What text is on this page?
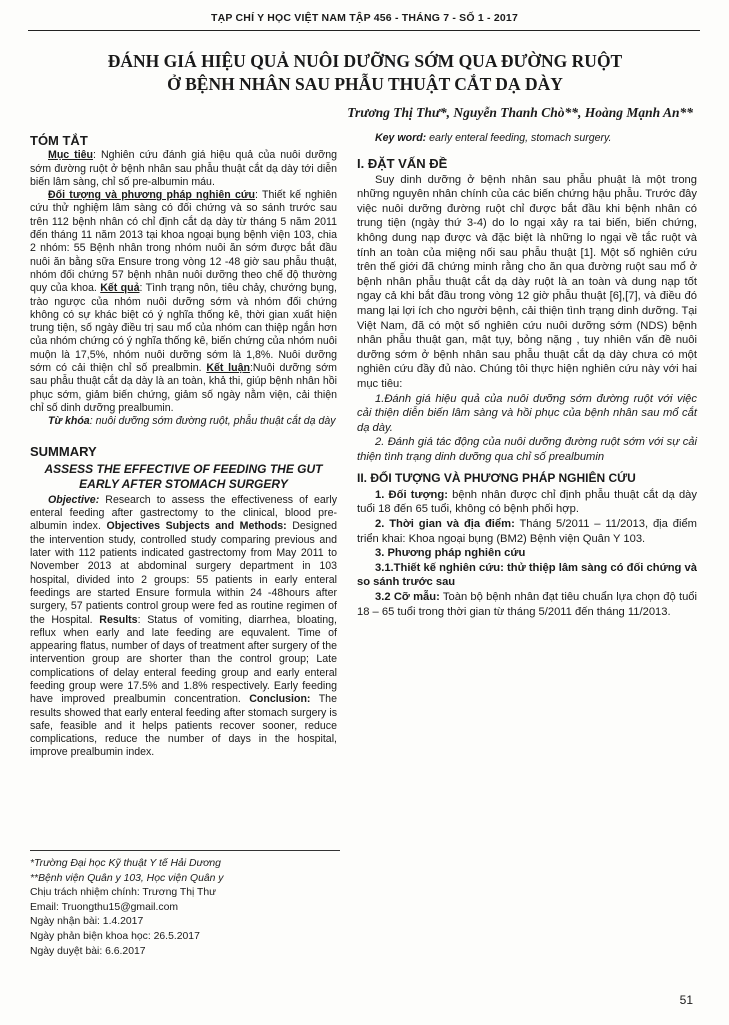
TẠP CHÍ Y HỌC VIỆT NAM TẬP 456 - THÁNG 7 - SỐ 1 - 2017
ĐÁNH GIÁ HIỆU QUẢ NUÔI DƯỠNG SỚM QUA ĐƯỜNG RUỘT
Ở BỆNH NHÂN SAU PHẪU THUẬT CẮT DẠ DÀY
Trương Thị Thư*, Nguyễn Thanh Chò**, Hoàng Mạnh An**
TÓM TẮT

Mục tiêu: Nghiên cứu đánh giá hiệu quả của nuôi dưỡng sớm đường ruột ở bệnh nhân sau phẫu thuật cắt dạ dày tới diễn biến lâm sàng, chỉ số pre-albumin máu.

Đối tượng và phương pháp nghiên cứu: Thiết kế nghiên cứu thử nghiệm lâm sàng có đối chứng và so sánh trước sau trên 112 bệnh nhân có chỉ định cắt dạ dày từ tháng 5 năm 2011 đến tháng 11 năm 2013 tại khoa ngoại bụng bệnh viện 103, chia 2 nhóm: 55 Bệnh nhân trong nhóm nuôi ăn sớm được bắt đầu nuôi ăn bằng sữa Ensure trong vòng 12 -48 giờ sau phẫu thuật, nhóm đối chứng 57 bệnh nhân nuôi dưỡng theo chế độ thường quy của khoa. Kết quả: Tình trạng nôn, tiêu chảy, chướng bụng, trào ngược của nhóm nuôi dưỡng sớm và nhóm đối chứng không có sự khác biệt có ý nghĩa thống kê, thời gian xuất hiện trung tiện, số ngày điều trị sau mổ của nhóm can thiệp ngắn hơn của nhóm chứng có ý nghĩa thống kê, biến chứng của nhóm nuôi muộn là 17,5%, nhóm nuôi dưỡng sớm là 1,8%. Nuôi dưỡng sớm có cải thiện chỉ số prealbmin. Kết luận:Nuôi dưỡng sớm sau phẫu thuật cắt dạ dày là an toàn, khả thi, giúp bệnh nhân hồi phục sớm, giảm biến chứng, giảm số ngày nằm viện, cải thiện chỉ số dinh dưỡng prealbumin.

Từ khóa: nuôi dưỡng sớm đường ruột, phẫu thuật cắt dạ dày

SUMMARY
ASSESS THE EFFECTIVE OF FEEDING THE GUT EARLY AFTER STOMACH SURGERY

Objective: Research to assess the effectiveness of early enteral feeding after gastrectomy to the clinical, blood pre-albumin index. Objectives Subjects and Methods: Designed the intervention study, controlled study comparing previous and later with 112 patients indicated gastrectomy from May 2011 to November 2013 at abdominal surgery department in 103 hospital, divided into 2 groups: 55 patients in early enteral feedings are started Ensure formula within 24 -48hours after surgery, 57 patients control group were fed as routine regimen of the Hospital. Results: Status of vomiting, diarrhea, bloating, reflux when early and late feeding are equvalent. Time of appearing flatus, number of days of treatment after surgery of the intervention group are shorter than the control group; Late complications of delay enteral feeding group and early enteral feeding group were 17.5% and 1.8% respectively. Early feeding have improved prealbumin concentration. Conclusion: The results showed that early enteral feeding after stomach surgery is safe, feasible and it helps patients recover sooner, reduce complications, reduce the number of days in the hospital, improve prealbumin index.

Key word: early enteral feeding, stomach surgery.

I. ĐẶT VẤN ĐỀ

Suy dinh dưỡng ở bệnh nhân sau phẫu phuật là một trong những nguyên nhân chính của các biến chứng hậu phẫu. Trước đây việc nuôi dưỡng đường ruột chỉ được bắt đầu khi bệnh nhân có trung tiện (ngày thứ 3-4) do lo ngại xảy ra tai biến, biến chứng, không dung nạp được và đặc biệt là những lo ngại về tắc ruột và tính an toàn của miệng nối sau phẫu thuật [1]. Một số nghiên cứu trên thế giới đã chứng minh rằng cho ăn qua đường ruột sau mổ ở bệnh nhân phẫu thuật cắt dạ dày ruột là an toàn và dung nạp tốt ngay cả khi bắt đầu trong vòng 12 giờ phẫu thuật [6],[7], và điều đó mang lại lợi ích cho người bệnh, cải thiện tình trạng dinh dưỡng. Tại Việt Nam, đã có một số nghiên cứu nuôi dưỡng sớm (NDS) bệnh nhân phẫu thuật gan, mật tụy, bỏng nặng , tuy nhiên vấn đề nuôi dưỡng sớm ở bệnh nhân sau phẫu thuật cắt dạ dày chưa có một nghiên cứu đầy đủ nào. Chúng tôi thực hiện nghiên cứu này với hai mục tiêu:

1.Đánh giá hiệu quả của nuôi dưỡng sớm đường ruột với việc cải thiện diễn biến lâm sàng và hồi phục của bệnh nhân sau mổ cắt dạ dày.

2. Đánh giá tác động của nuôi dưỡng đường ruột sớm với sự cải thiện tình trạng dinh dưỡng qua chỉ số prealbumin

II. ĐỐI TƯỢNG VÀ PHƯƠNG PHÁP NGHIÊN CỨU

1. Đối tượng: bệnh nhân được chỉ định phẫu thuật cắt dạ dày tuổi 18 đến 65 tuổi, không có bệnh phối hợp.

2. Thời gian và địa điểm: Tháng 5/2011 – 11/2013, địa điểm triển khai: Khoa ngoại bụng (BM2) Bệnh viện Quân Y 103.

3. Phương pháp nghiên cứu

3.1.Thiết kế nghiên cứu: thử thiệp lâm sàng có đối chứng và so sánh trước sau

3.2 Cỡ mẫu: Toàn bộ bệnh nhân đạt tiêu chuẩn lựa chọn độ tuổi 18 – 65 tuổi trong thời gian từ tháng 5/2011 đến tháng 11/2013.

*Trường Đại học Kỹ thuật Y tế Hải Dương
**Bệnh viện Quân y 103, Học viện Quân y
Chịu trách nhiệm chính: Trương Thị Thư
Email: Truongthu15@gmail.com
Ngày nhận bài: 1.4.2017
Ngày phản biện khoa học: 26.5.2017
Ngày duyệt bài: 6.6.2017
51
